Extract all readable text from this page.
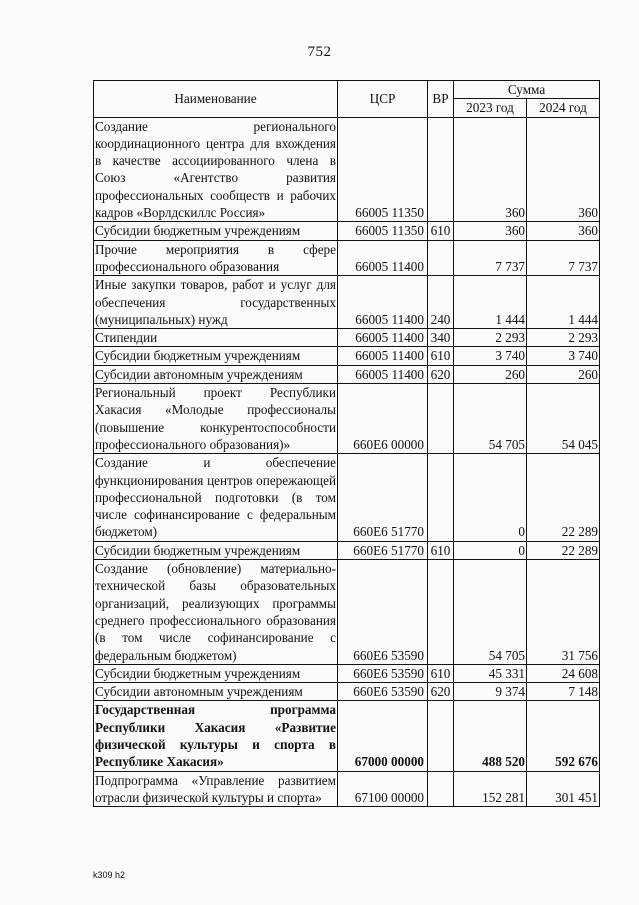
752
Наименование	ЦСР	ВР	Сумма	
			2023 год	2024 год
Создание регионального координационного центра для вхождения в качестве ассоциированного члена в Союз «Агентство развития профессиональных сообществ и рабочих кадров «Ворлдскиллс Россия»	66005 11350		360	360
Субсидии бюджетным учреждениям	66005 11350	610	360	360
Прочие мероприятия в сфере профессионального образования	66005 11400		7 737	7 737
Иные закупки товаров, работ и услуг для обеспечения государственных (муниципальных) нужд	66005 11400	240	1 444	1 444
Стипендии	66005 11400	340	2 293	2 293
Субсидии бюджетным учреждениям	66005 11400	610	3 740	3 740
Субсидии автономным учреждениям	66005 11400	620	260	260
Региональный проект Республики Хакасия «Молодые профессионалы (повышение конкурентоспособности профессионального образования)»	660Е6 00000		54 705	54 045
Создание и обеспечение функционирования центров опережающей профессиональной подготовки (в том числе софинансирование с федеральным бюджетом)	660Е6 51770		0	22 289
Субсидии бюджетным учреждениям	660Е6 51770	610	0	22 289
Создание (обновление) материально-технической базы образовательных организаций, реализующих программы среднего профессионального образования (в том числе софинансирование с федеральным бюджетом)	660Е6 53590		54 705	31 756
Субсидии бюджетным учреждениям	660Е6 53590	610	45 331	24 608
Субсидии автономным учреждениям	660Е6 53590	620	9 374	7 148
Государственная программа Республики Хакасия «Развитие физической культуры и спорта в Республике Хакасия»	67000 00000		488 520	592 676
Подпрограмма «Управление развитием отрасли физической культуры и спорта»	67100 00000		152 281	301 451
k309 h2
